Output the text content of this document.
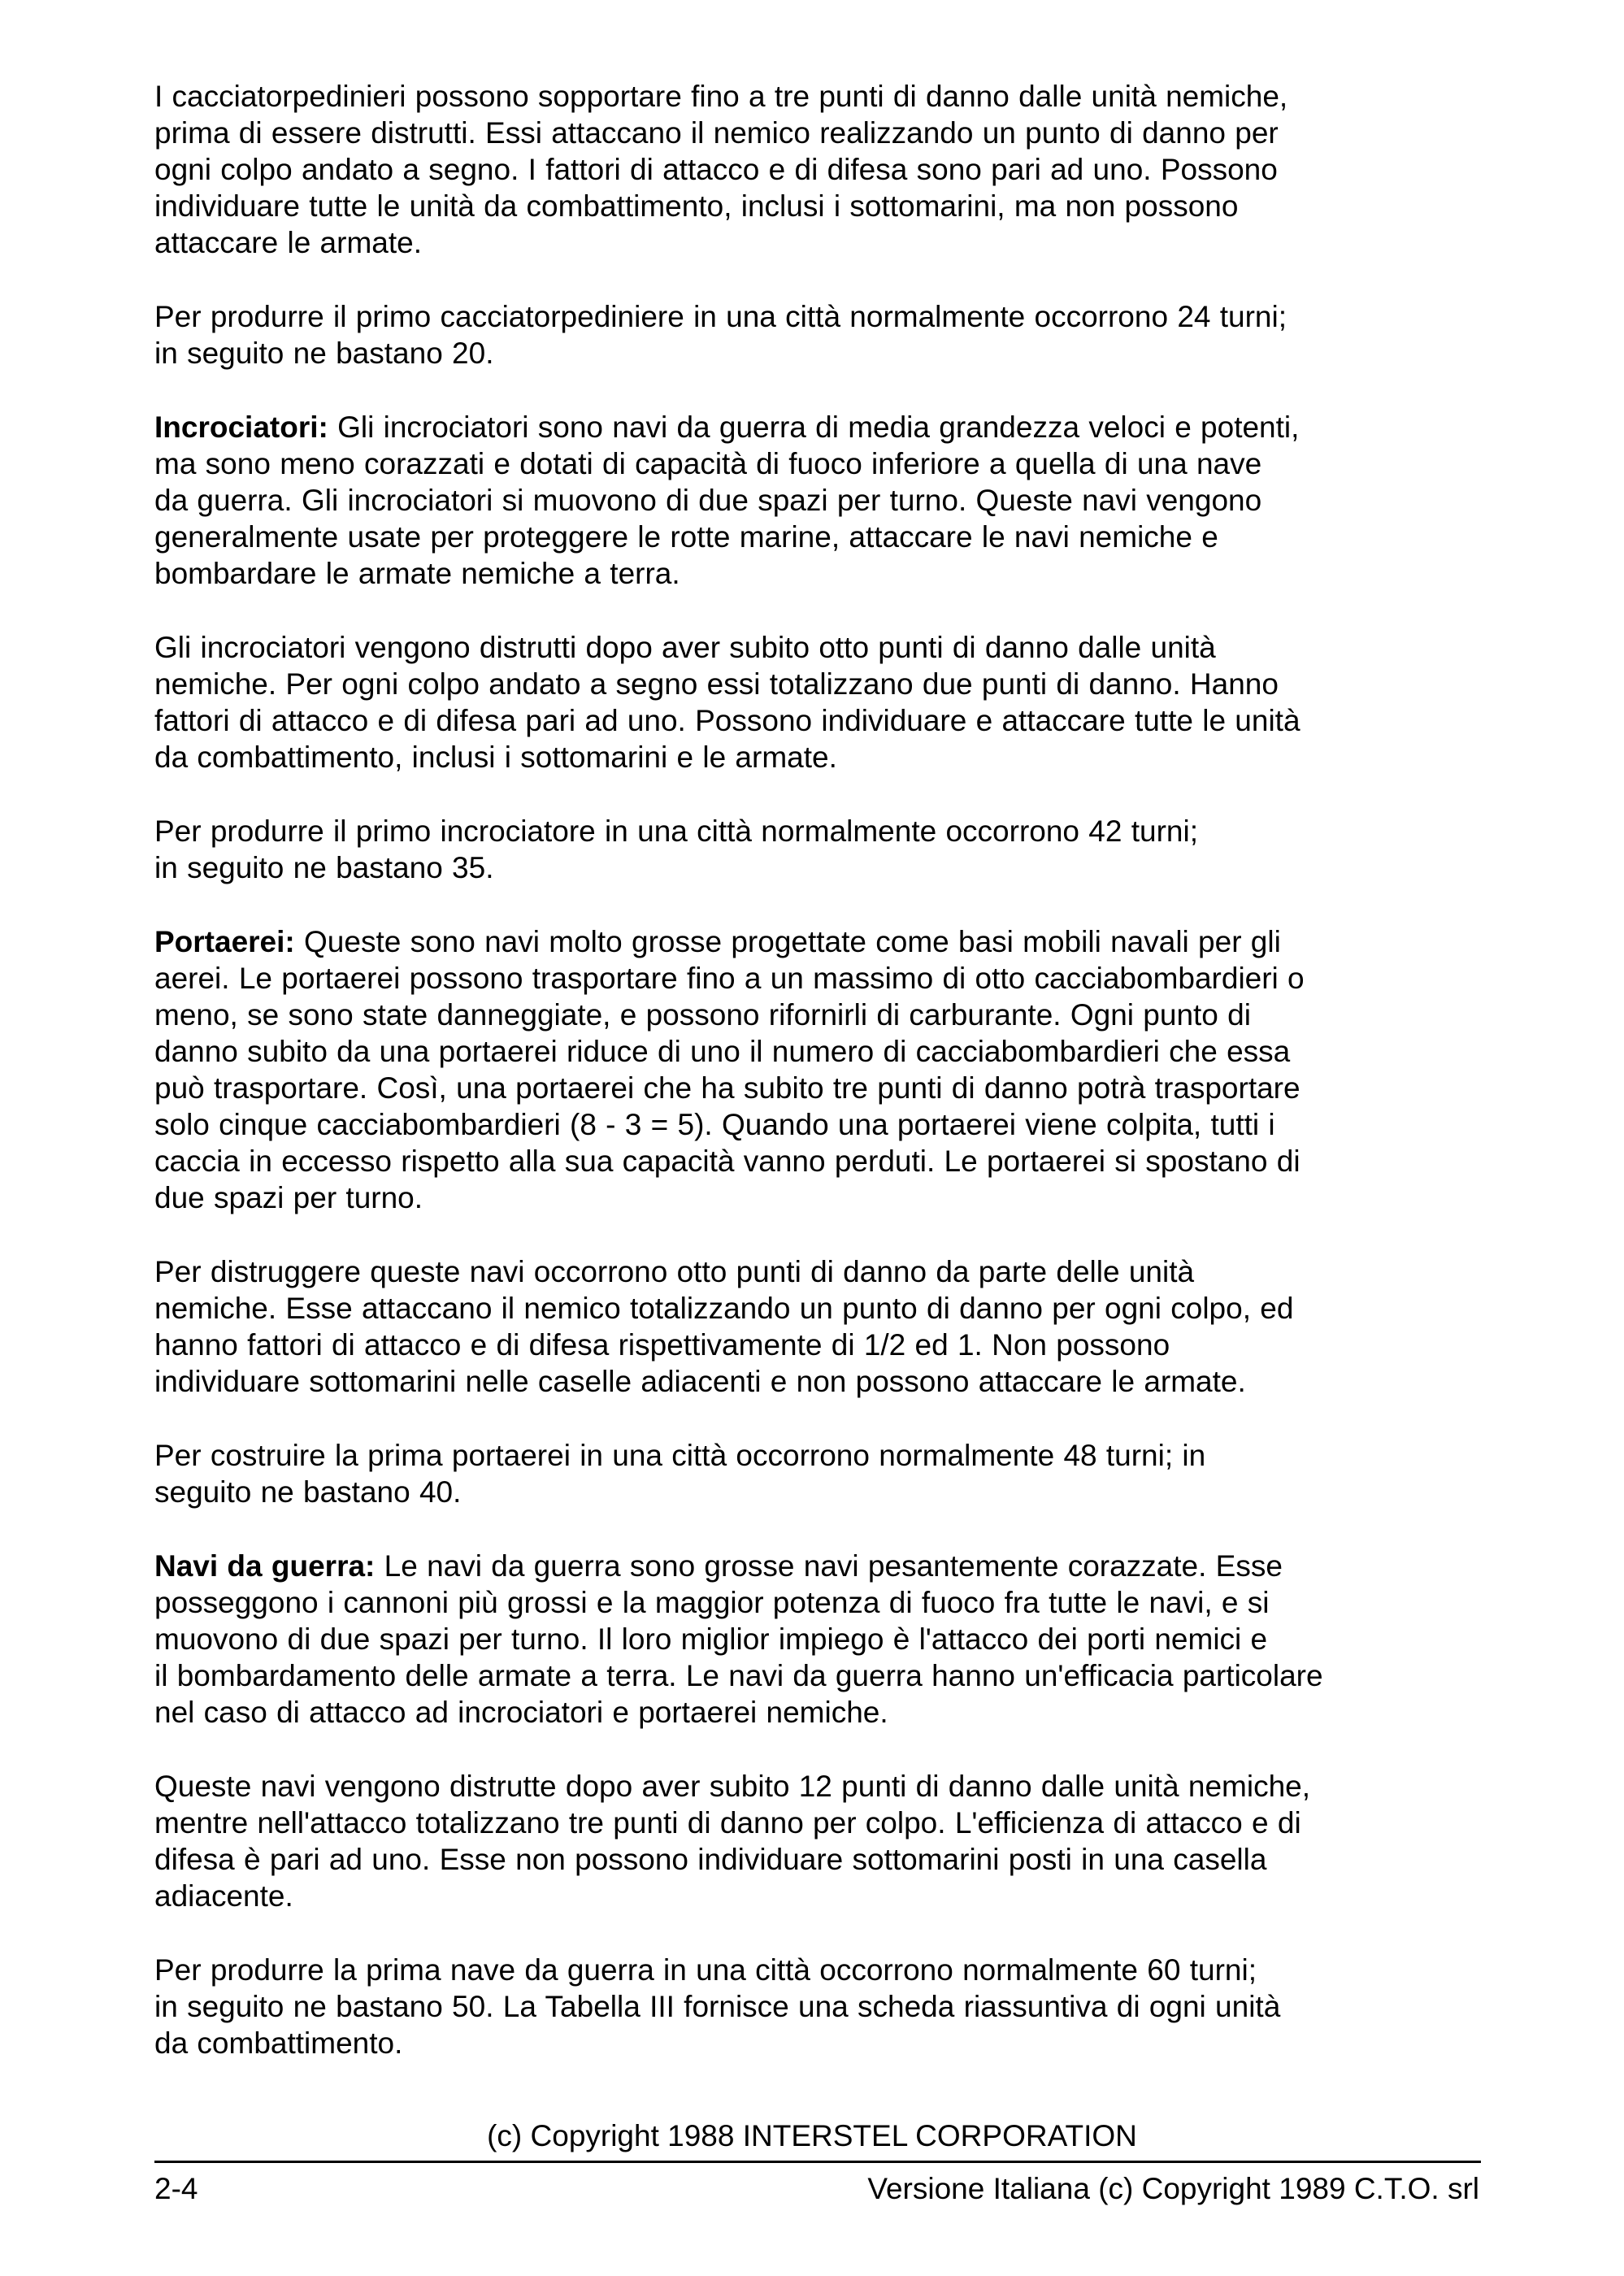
I cacciatorpedinieri possono sopportare fino a tre punti di danno dalle unità nemiche,
prima di essere distrutti. Essi attaccano il nemico realizzando un punto di danno per
ogni colpo andato a segno. I fattori di attacco e di difesa sono pari ad uno. Possono
individuare tutte le unità da combattimento, inclusi i sottomarini, ma non possono
attaccare le armate.

Per produrre il primo cacciatorpediniere in una città normalmente occorrono 24 turni;
in seguito ne bastano 20.

Incrociatori: Gli incrociatori sono navi da guerra di media grandezza veloci e potenti,
ma sono meno corazzati e dotati di capacità di fuoco inferiore a quella di una nave
da guerra. Gli incrociatori si muovono di due spazi per turno. Queste navi vengono
generalmente usate per proteggere le rotte marine, attaccare le navi nemiche e
bombardare le armate nemiche a terra.

Gli incrociatori vengono distrutti dopo aver subito otto punti di danno dalle unità
nemiche. Per ogni colpo andato a segno essi totalizzano due punti di danno. Hanno
fattori di attacco e di difesa pari ad uno. Possono individuare e attaccare tutte le unità
da combattimento, inclusi i sottomarini e le armate.

Per produrre il primo incrociatore in una città normalmente occorrono 42 turni;
in seguito ne bastano 35.

Portaerei: Queste sono navi molto grosse progettate come basi mobili navali per gli
aerei. Le portaerei possono trasportare fino a un massimo di otto cacciabombardieri o
meno, se sono state danneggiate, e possono rifornirli di carburante. Ogni punto di
danno subito da una portaerei riduce di uno il numero di cacciabombardieri che essa
può trasportare. Così, una portaerei che ha subito tre punti di danno potrà trasportare
solo cinque cacciabombardieri (8 - 3 = 5). Quando una portaerei viene colpita, tutti i
caccia in eccesso rispetto alla sua capacità vanno perduti. Le portaerei si spostano di
due spazi per turno.

Per distruggere queste navi occorrono otto punti di danno da parte delle unità
nemiche. Esse attaccano il nemico totalizzando un punto di danno per ogni colpo, ed
hanno fattori di attacco e di difesa rispettivamente di 1/2 ed 1. Non possono
individuare sottomarini nelle caselle adiacenti e non possono attaccare le armate.

Per costruire la prima portaerei in una città occorrono normalmente 48 turni; in
seguito ne bastano 40.

Navi da guerra: Le navi da guerra sono grosse navi pesantemente corazzate. Esse
posseggono i cannoni più grossi e la maggior potenza di fuoco fra tutte le navi, e si
muovono di due spazi per turno. Il loro miglior impiego è l'attacco dei porti nemici e
il bombardamento delle armate a terra. Le navi da guerra hanno un'efficacia particolare
nel caso di attacco ad incrociatori e portaerei nemiche.

Queste navi vengono distrutte dopo aver subito 12 punti di danno dalle unità nemiche,
mentre nell'attacco totalizzano tre punti di danno per colpo. L'efficienza di attacco e di
difesa è pari ad uno. Esse non possono individuare sottomarini posti in una casella
adiacente.

Per produrre la prima nave da guerra in una città occorrono normalmente 60 turni;
in seguito ne bastano 50. La Tabella III fornisce una scheda riassuntiva di ogni unità
da combattimento.

(c) Copyright 1988 INTERSTEL CORPORATION
2-4	Versione Italiana (c) Copyright 1989 C.T.O. srl
